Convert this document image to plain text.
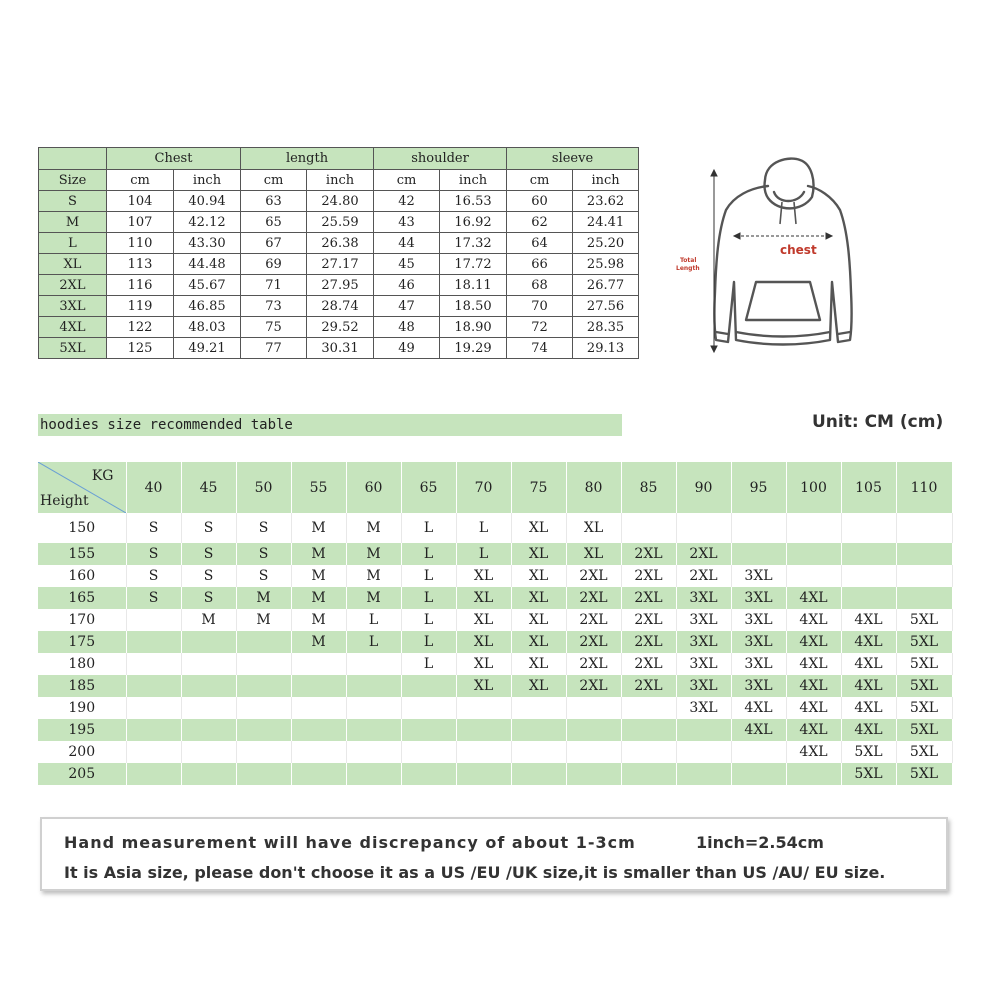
	Chest		length		shoulder		sleeve	
Size	cm	inch	cm	inch	cm	inch	cm	inch
S	104	40.94	63	24.80	42	16.53	60	23.62
M	107	42.12	65	25.59	43	16.92	62	24.41
L	110	43.30	67	26.38	44	17.32	64	25.20
XL	113	44.48	69	27.17	45	17.72	66	25.98
2XL	116	45.67	71	27.95	46	18.11	68	26.77
3XL	119	46.85	73	28.74	47	18.50	70	27.56
4XL	122	48.03	75	29.52	48	18.90	72	28.35
5XL	125	49.21	77	30.31	49	19.29	74	29.13
chest
Total
Length
hoodies size recommended table	Unit: CM (cm)
KG
Height	40	45	50	55	60	65	70	75	80	85	90	95	100	105	110
150	S	S	S	M	M	L	L	XL	XL						
155	S	S	S	M	M	L	L	XL	XL	2XL	2XL				
160	S	S	S	M	M	L	XL	XL	2XL	2XL	2XL	3XL			
165	S	S	M	M	M	L	XL	XL	2XL	2XL	3XL	3XL	4XL		
170		M	M	M	L	L	XL	XL	2XL	2XL	3XL	3XL	4XL	4XL	5XL
175				M	L	L	XL	XL	2XL	2XL	3XL	3XL	4XL	4XL	5XL
180						L	XL	XL	2XL	2XL	3XL	3XL	4XL	4XL	5XL
185							XL	XL	2XL	2XL	3XL	3XL	4XL	4XL	5XL
190											3XL	4XL	4XL	4XL	5XL
195												4XL	4XL	4XL	5XL
200													4XL	5XL	5XL
205														5XL	5XL
Hand measurement will have discrepancy of about 1-3cm	1inch=2.54cm
It is Asia size, please don't choose it as a US /EU /UK size,it is smaller than US /AU/ EU size.
